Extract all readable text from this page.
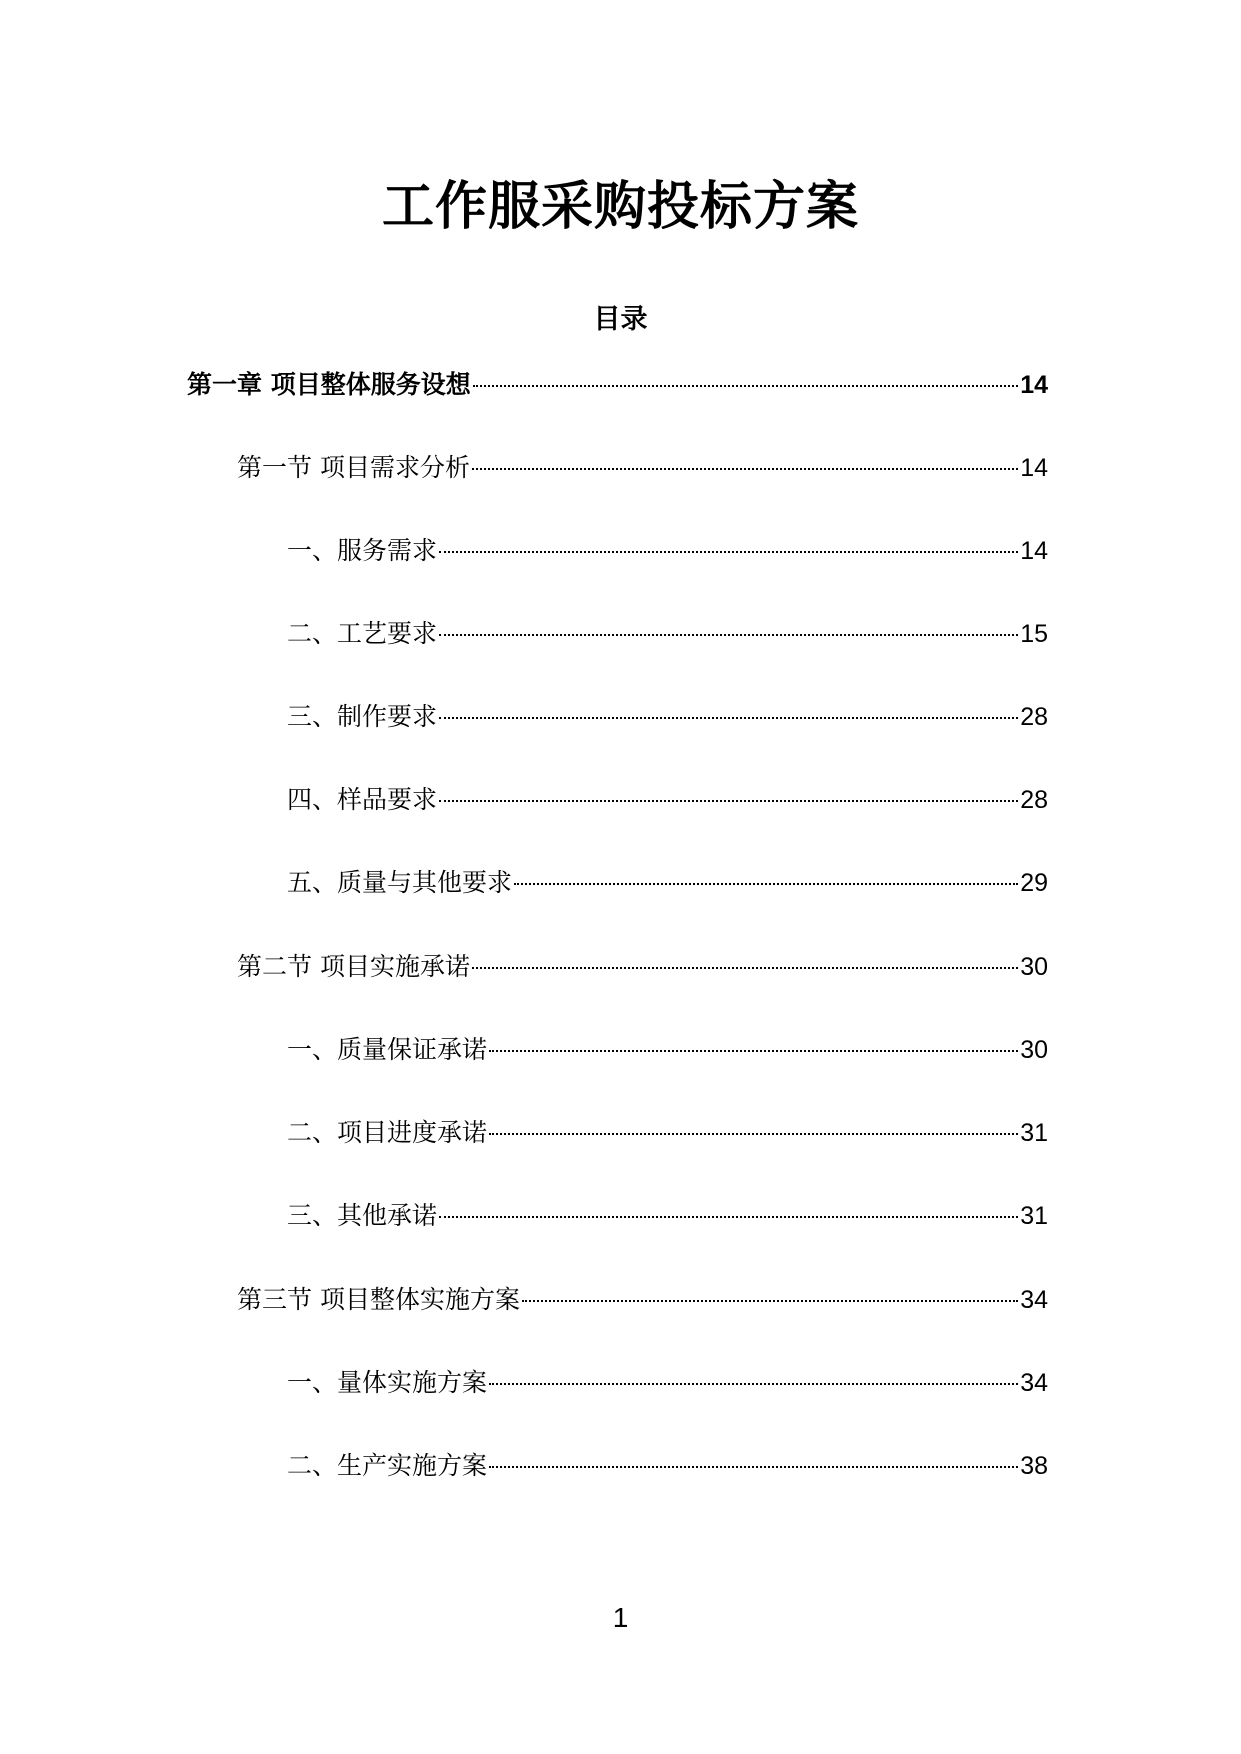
工作服采购投标方案
目录
第一章 项目整体服务设想	14
第一节 项目需求分析	14
一、服务需求	14
二、工艺要求	15
三、制作要求	28
四、样品要求	28
五、质量与其他要求	29
第二节 项目实施承诺	30
一、质量保证承诺	30
二、项目进度承诺	31
三、其他承诺	31
第三节 项目整体实施方案	34
一、量体实施方案	34
二、生产实施方案	38
1
